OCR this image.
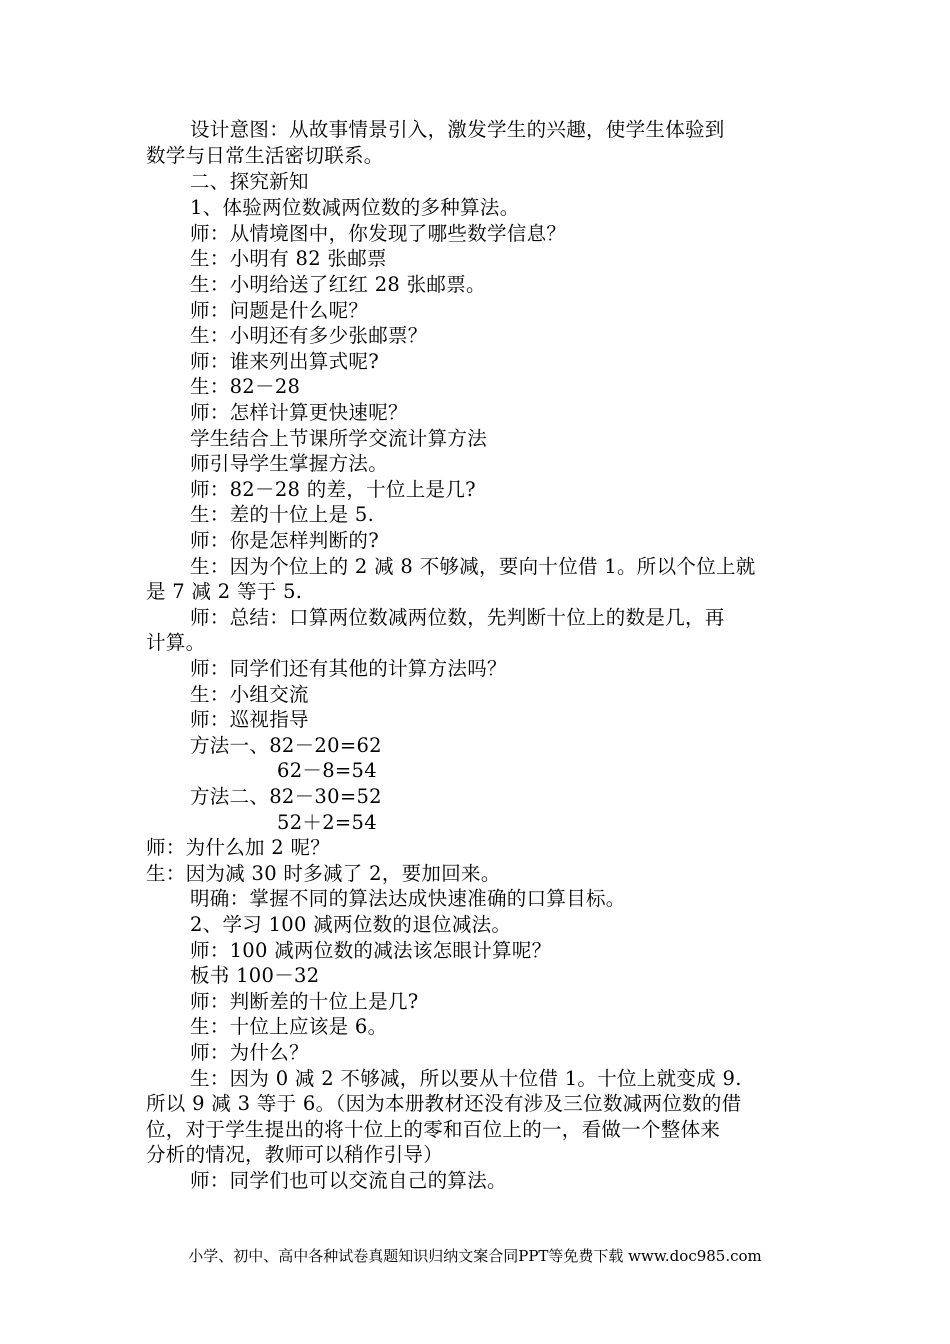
设计意图：从故事情景引入，激发学生的兴趣，使学生体验到
数学与日常生活密切联系。
二、探究新知
1、体验两位数减两位数的多种算法。
师：从情境图中，你发现了哪些数学信息？
生：小明有 82 张邮票
生：小明给送了红红 28 张邮票。
师：问题是什么呢？
生：小明还有多少张邮票？
师：谁来列出算式呢?
生：82－28
师：怎样计算更快速呢？
学生结合上节课所学交流计算方法
师引导学生掌握方法。
师：82－28 的差，十位上是几?
生：差的十位上是 5.
师：你是怎样判断的?
生：因为个位上的 2 减 8 不够减，要向十位借 1。所以个位上就
是 7 减 2 等于 5.
师：总结：口算两位数减两位数，先判断十位上的数是几，再
计算。
师：同学们还有其他的计算方法吗？
生：小组交流
师：巡视指导
方法一、82－20=62
62－8=54
方法二、82－30=52
52＋2=54
师：为什么加 2 呢？
生：因为减 30 时多减了 2，要加回来。
明确：掌握不同的算法达成快速准确的口算目标。
2、学习 100 减两位数的退位减法。
师：100 减两位数的减法该怎眼计算呢？
板书 100－32
师：判断差的十位上是几?
生：十位上应该是 6。
师：为什么？
生：因为 0 减 2 不够减，所以要从十位借 1。十位上就变成 9.
所以 9 减 3 等于 6。（因为本册教材还没有涉及三位数减两位数的借
位，对于学生提出的将十位上的零和百位上的一，看做一个整体来
分析的情况，教师可以稍作引导）
师：同学们也可以交流自己的算法。
小学、初中、高中各种试卷真题知识归纳文案合同PPT等免费下载 www.doc985.com
